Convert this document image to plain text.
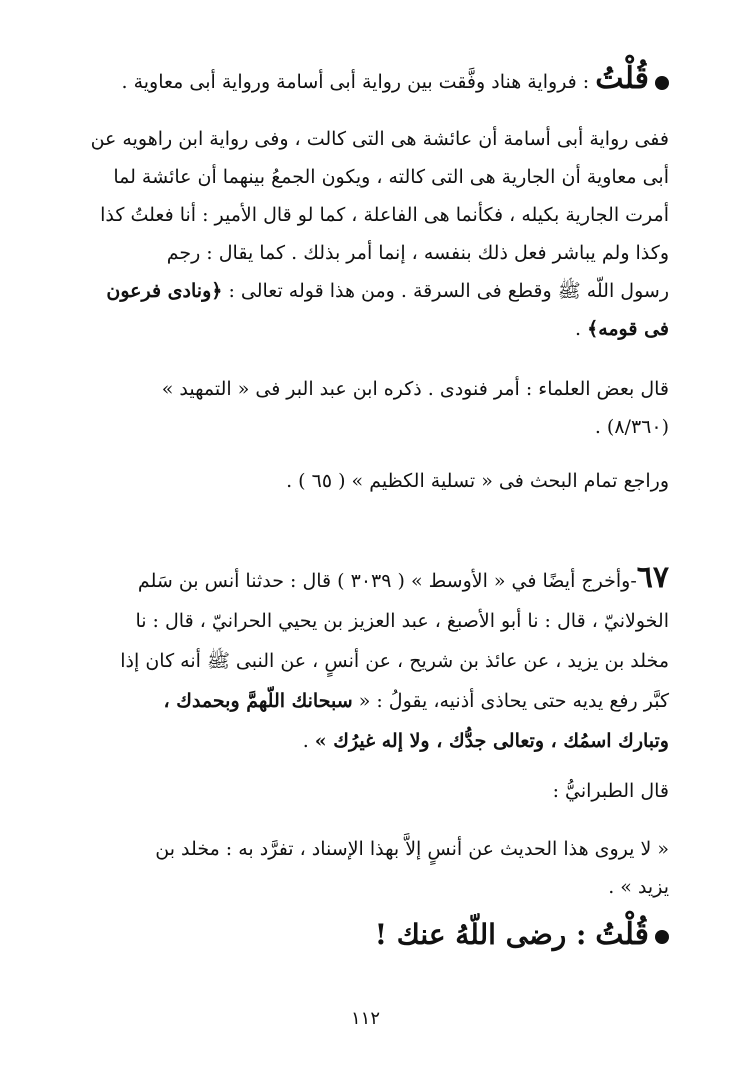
قُلْتُ : فرواية هناد وفَّقت بين رواية أبى أسامة ورواية أبى معاوية .
ففى رواية أبى أسامة أن عائشة هى التى كالت ، وفى رواية ابن راهويه عن
أبى معاوية أن الجارية هى التى كالته ، ويكون الجمعُ بينهما أن عائشة لما
أمرت الجارية بكيله ، فكأنما هى الفاعلة ، كما لو قال الأمير : أنا فعلتُ كذا
وكذا ولم يباشر فعل ذلك بنفسه ، إنما أمر بذلك . كما يقال : رجم
رسول اللّه ﷺ وقطع فى السرقة . ومن هذا قوله تعالى : ﴿ونادى فرعون
فى قومه﴾ .
قال بعض العلماء : أمر فنودى . ذكره ابن عبد البر فى « التمهيد »
(٨/٣٦٠) .
وراجع تمام البحث فى « تسلية الكظيم » ( ٦٥ ) .
٦٧-وأخرج أيضًا في « الأوسط » ( ٣٠٣٩ ) قال : حدثنا أنس بن سَلم
الخولانيّ ، قال : نا أبو الأصبغ ، عبد العزيز بن يحيي الحرانيّ ، قال : نا
مخلد بن يزيد ، عن عائذ بن شريح ، عن أنسٍ ، عن النبى ﷺ أنه كان إذا
كبَّر رفع يديه حتى يحاذى أذنيه، يقولُ : « سبحانك اللّهمَّ وبحمدك ،
وتبارك اسمُك ، وتعالى جدُّك ، ولا إله غيرُك » .
قال الطبرانيُّ :
« لا يروى هذا الحديث عن أنسٍ إلاَّ بهذا الإسناد ، تفرَّد به : مخلد بن
يزيد » .
قُلْتُ : رضى اللّهُ عنك !
١١٢
